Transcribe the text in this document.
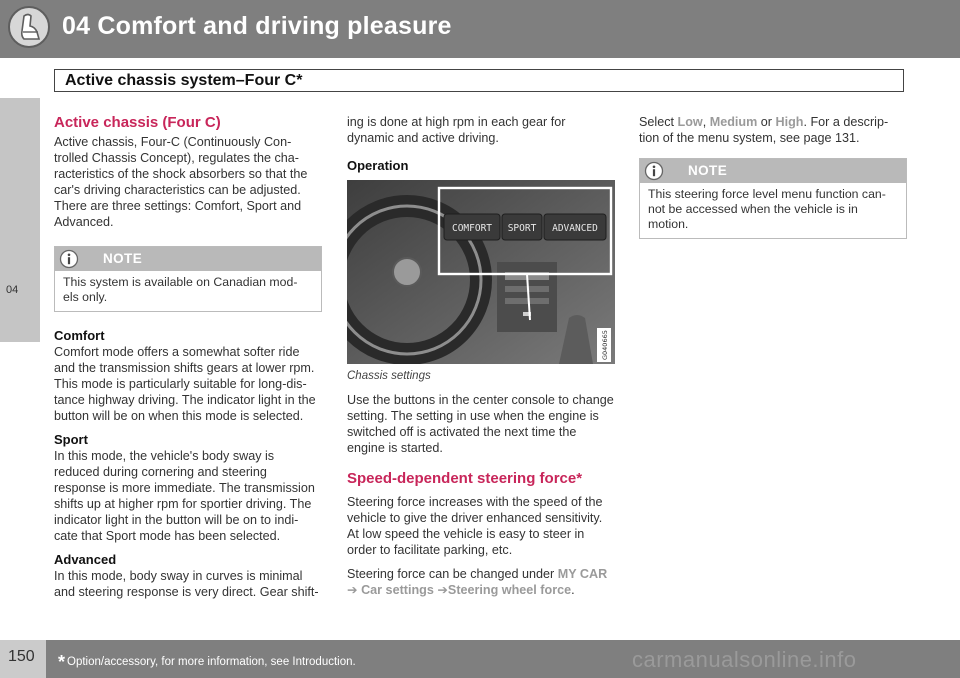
04 Comfort and driving pleasure
Active chassis system–Four C*
04
Active chassis (Four C)

Active chassis, Four-C (Continuously Con-trolled Chassis Concept), regulates the cha-racteristics of the shock absorbers so that the car's driving characteristics can be adjusted. There are three settings: Comfort, Sport and Advanced.

NOTE
This system is available on Canadian mod-els only.
Comfort

Comfort mode offers a somewhat softer ride and the transmission shifts gears at lower rpm. This mode is particularly suitable for long-dis-tance highway driving. The indicator light in the button will be on when this mode is selected.

Sport

In this mode, the vehicle's body sway is reduced during cornering and steering response is more immediate. The transmission shifts up at higher rpm for sportier driving. The indicator light in the button will be on to indi-cate that Sport mode has been selected.

Advanced

In this mode, body sway in curves is minimal and steering response is very direct. Gear shift-

ing is done at high rpm in each gear for dynamic and active driving.

Operation
COMFORT SPORT ADVANCED
G040665
Chassis settings

Use the buttons in the center console to change setting. The setting in use when the engine is switched off is activated the next time the engine is started.

Speed-dependent steering force*

Steering force increases with the speed of the vehicle to give the driver enhanced sensitivity. At low speed the vehicle is easy to steer in order to facilitate parking, etc.

Steering force can be changed under MY CAR ➔ Car settings ➔Steering wheel force.

Select Low, Medium or High. For a descrip-tion of the menu system, see page 131.

NOTE
This steering force level menu function can-not be accessed when the vehicle is in motion.
150 * Option/accessory, for more information, see Introduction.	carmanualsonline.info
